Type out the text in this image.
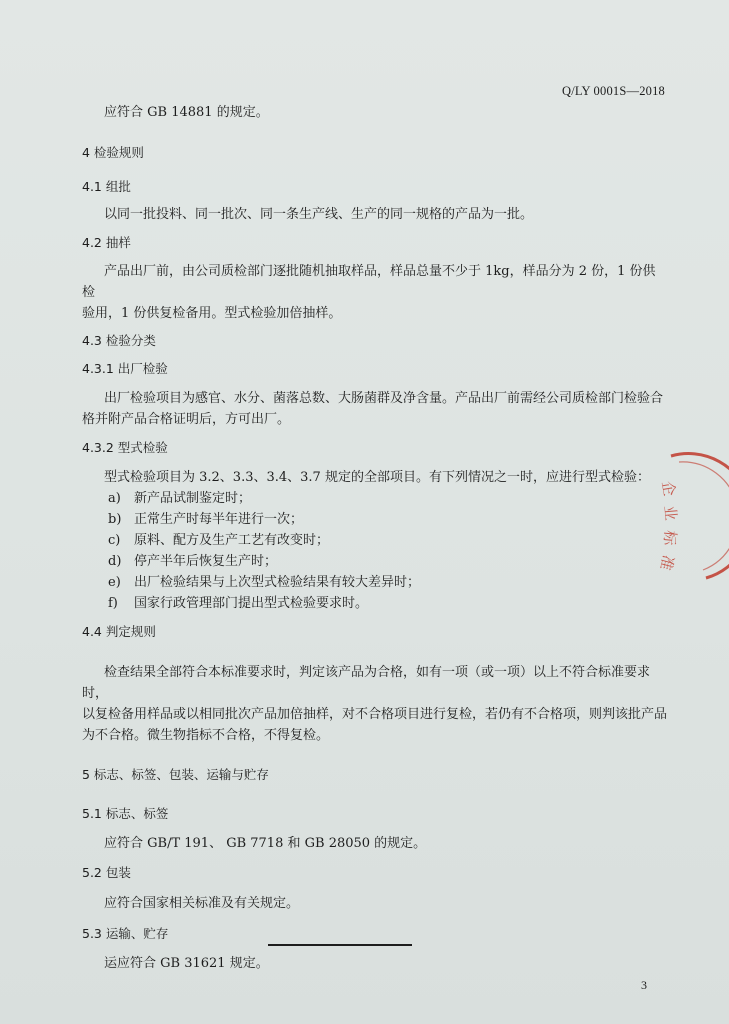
Q/LY 0001S—2018

应符合 GB 14881 的规定。

4 检验规则

4.1 组批

以同一批投料、同一批次、同一条生产线、生产的同一规格的产品为一批。

4.2 抽样

产品出厂前，由公司质检部门逐批随机抽取样品，样品总量不少于 1kg，样品分为 2 份，1 份供检

验用，1 份供复检备用。型式检验加倍抽样。

4.3 检验分类

4.3.1 出厂检验

出厂检验项目为感官、水分、菌落总数、大肠菌群及净含量。产品出厂前需经公司质检部门检验合

格并附产品合格证明后，方可出厂。

4.3.2 型式检验

型式检验项目为 3.2、3.3、3.4、3.7 规定的全部项目。有下列情况之一时，应进行型式检验：

a) 新产品试制鉴定时；
b) 正常生产时每半年进行一次；
c) 原料、配方及生产工艺有改变时；
d) 停产半年后恢复生产时；
e) 出厂检验结果与上次型式检验结果有较大差异时；
f) 国家行政管理部门提出型式检验要求时。

4.4 判定规则

检查结果全部符合本标准要求时，判定该产品为合格，如有一项（或一项）以上不符合标准要求时，

以复检备用样品或以相同批次产品加倍抽样，对不合格项目进行复检，若仍有不合格项，则判该批产品

为不合格。微生物指标不合格，不得复检。

5 标志、标签、包装、运输与贮存

5.1 标志、标签

应符合 GB/T 191、 GB 7718 和 GB 28050 的规定。

5.2 包装

应符合国家相关标准及有关规定。

5.3 运输、贮存

运应符合 GB 31621 规定。

3
企
业
标
准
